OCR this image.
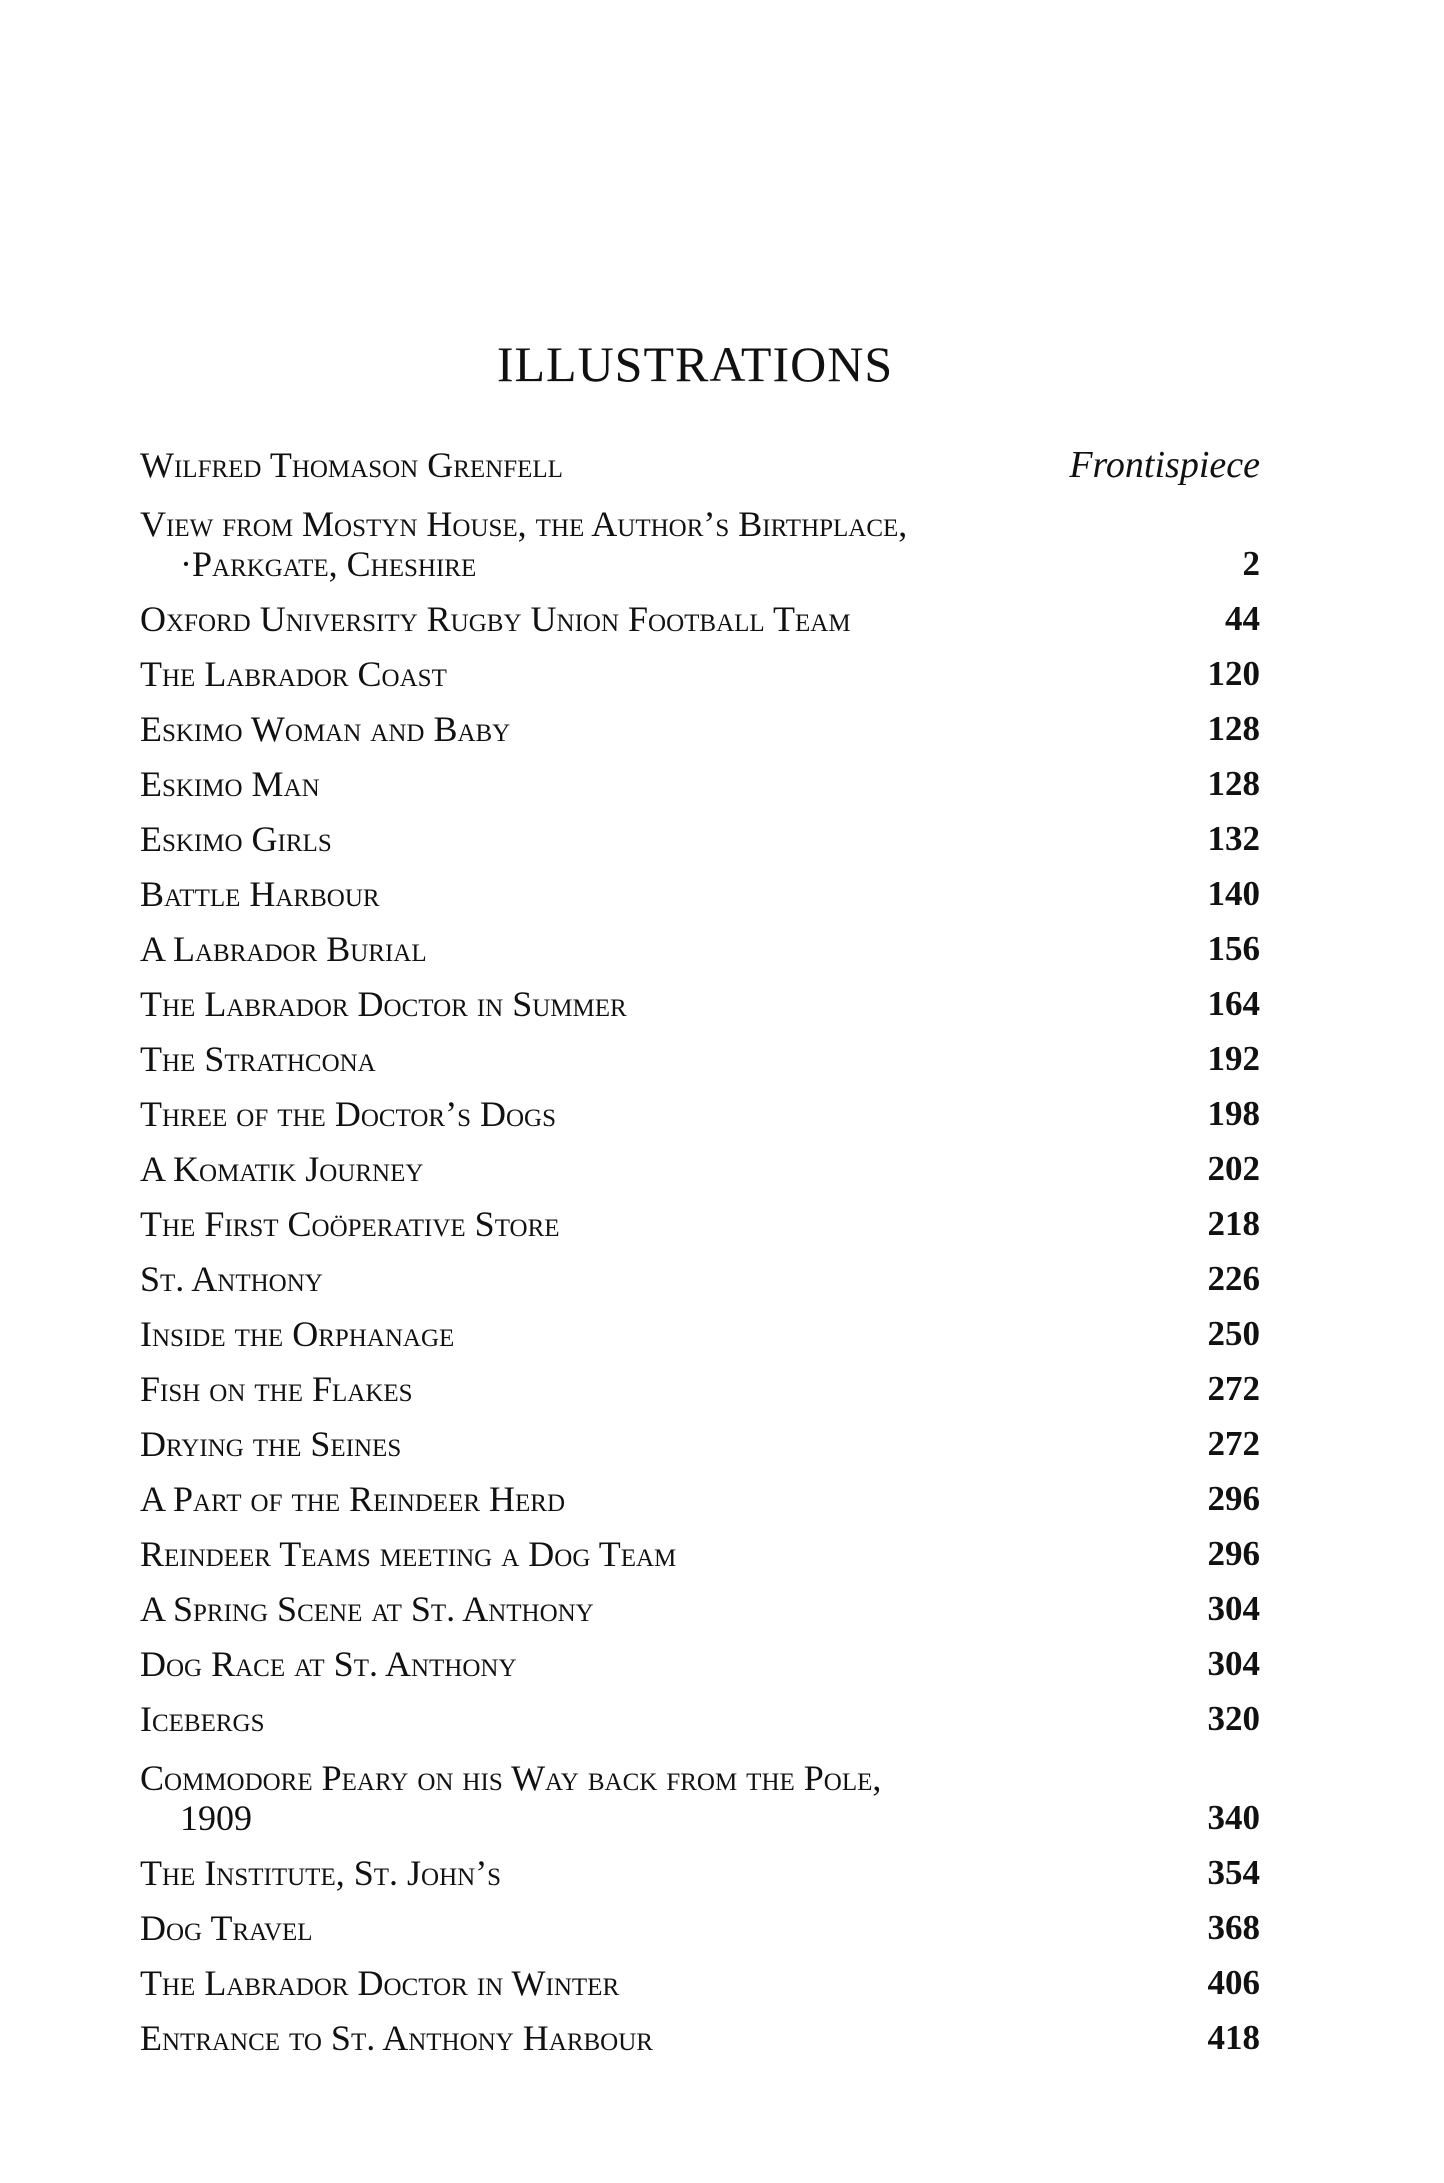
ILLUSTRATIONS
Wilfred Thomason Grenfell	Frontispiece
View from Mostyn House, the Author’s Birthplace,
·Parkgate, Cheshire	2
Oxford University Rugby Union Football Team	44
The Labrador Coast	120
Eskimo Woman and Baby	128
Eskimo Man	128
Eskimo Girls	132
Battle Harbour	140
A Labrador Burial	156
The Labrador Doctor in Summer	164
The Strathcona	192
Three of the Doctor’s Dogs	198
A Komatik Journey	202
The First Coöperative Store	218
St. Anthony	226
Inside the Orphanage	250
Fish on the Flakes	272
Drying the Seines	272
A Part of the Reindeer Herd	296
Reindeer Teams meeting a Dog Team	296
A Spring Scene at St. Anthony	304
Dog Race at St. Anthony	304
Icebergs	320
Commodore Peary on his Way back from the Pole,
1909	340
The Institute, St. John’s	354
Dog Travel	368
The Labrador Doctor in Winter	406
Entrance to St. Anthony Harbour	418
